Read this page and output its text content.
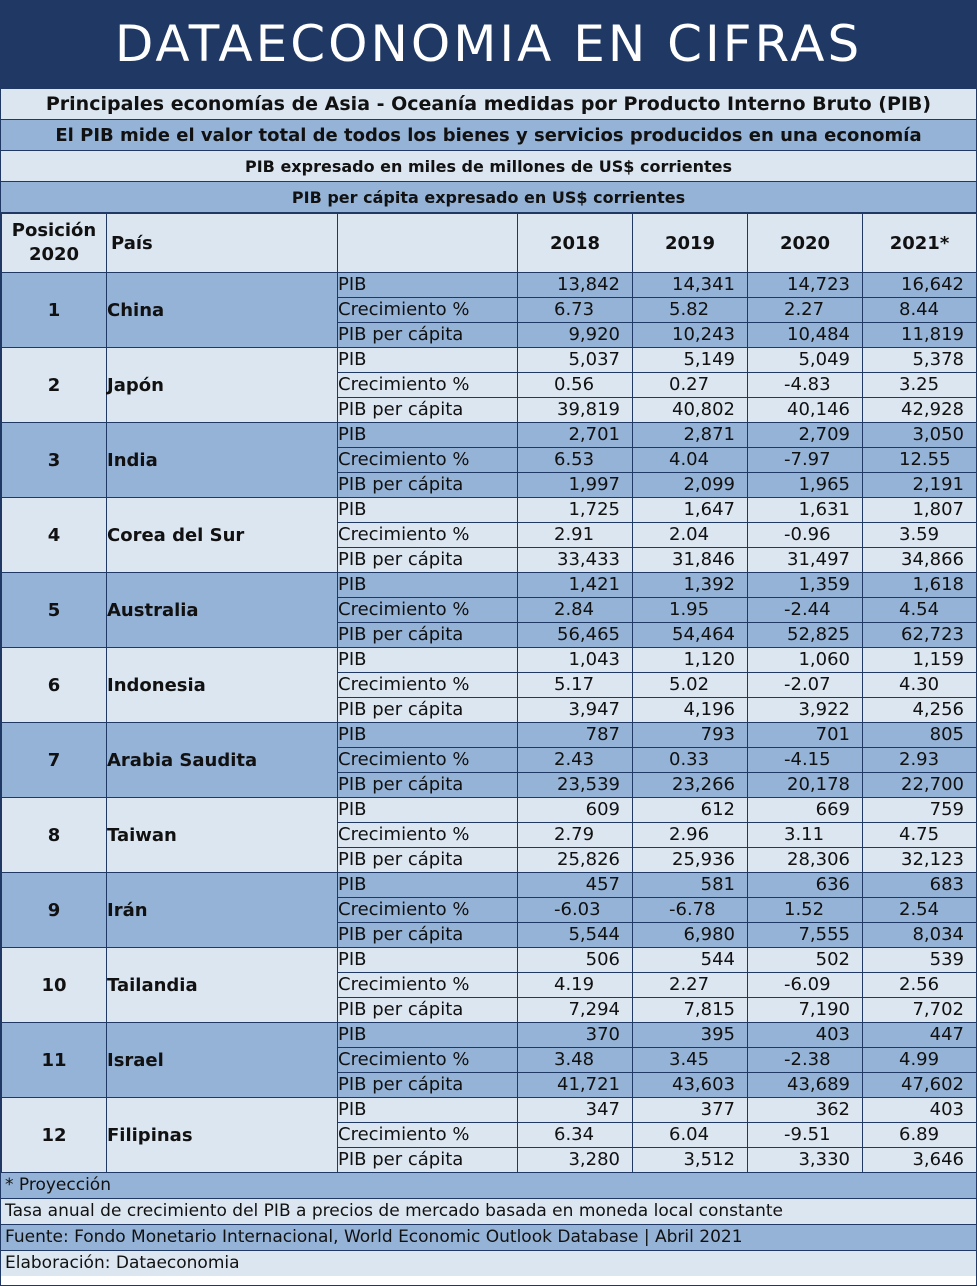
DATAECONOMIA EN CIFRAS
Principales economías de Asia - Oceanía medidas por Producto Interno Bruto (PIB)
El PIB mide el valor total de todos los bienes y servicios producidos en una economía
PIB expresado en miles de millones de US$ corrientes
PIB per cápita expresado en US$ corrientes
Posición 2020	País		2018	2019	2020	2021*
1	China	PIB	13,842	14,341	14,723	16,642
		Crecimiento %	6.73	5.82	2.27	8.44
		PIB per cápita	9,920	10,243	10,484	11,819
2	Japón	PIB	5,037	5,149	5,049	5,378
		Crecimiento %	0.56	0.27	-4.83	3.25
		PIB per cápita	39,819	40,802	40,146	42,928
3	India	PIB	2,701	2,871	2,709	3,050
		Crecimiento %	6.53	4.04	-7.97	12.55
		PIB per cápita	1,997	2,099	1,965	2,191
4	Corea del Sur	PIB	1,725	1,647	1,631	1,807
		Crecimiento %	2.91	2.04	-0.96	3.59
		PIB per cápita	33,433	31,846	31,497	34,866
5	Australia	PIB	1,421	1,392	1,359	1,618
		Crecimiento %	2.84	1.95	-2.44	4.54
		PIB per cápita	56,465	54,464	52,825	62,723
6	Indonesia	PIB	1,043	1,120	1,060	1,159
		Crecimiento %	5.17	5.02	-2.07	4.30
		PIB per cápita	3,947	4,196	3,922	4,256
7	Arabia Saudita	PIB	787	793	701	805
		Crecimiento %	2.43	0.33	-4.15	2.93
		PIB per cápita	23,539	23,266	20,178	22,700
8	Taiwan	PIB	609	612	669	759
		Crecimiento %	2.79	2.96	3.11	4.75
		PIB per cápita	25,826	25,936	28,306	32,123
9	Irán	PIB	457	581	636	683
		Crecimiento %	-6.03	-6.78	1.52	2.54
		PIB per cápita	5,544	6,980	7,555	8,034
10	Tailandia	PIB	506	544	502	539
		Crecimiento %	4.19	2.27	-6.09	2.56
		PIB per cápita	7,294	7,815	7,190	7,702
11	Israel	PIB	370	395	403	447
		Crecimiento %	3.48	3.45	-2.38	4.99
		PIB per cápita	41,721	43,603	43,689	47,602
12	Filipinas	PIB	347	377	362	403
		Crecimiento %	6.34	6.04	-9.51	6.89
		PIB per cápita	3,280	3,512	3,330	3,646
* Proyección
Tasa anual de crecimiento del PIB a precios de mercado basada en moneda local constante
Fuente: Fondo Monetario Internacional, World Economic Outlook Database | Abril 2021
Elaboración: Dataeconomia
